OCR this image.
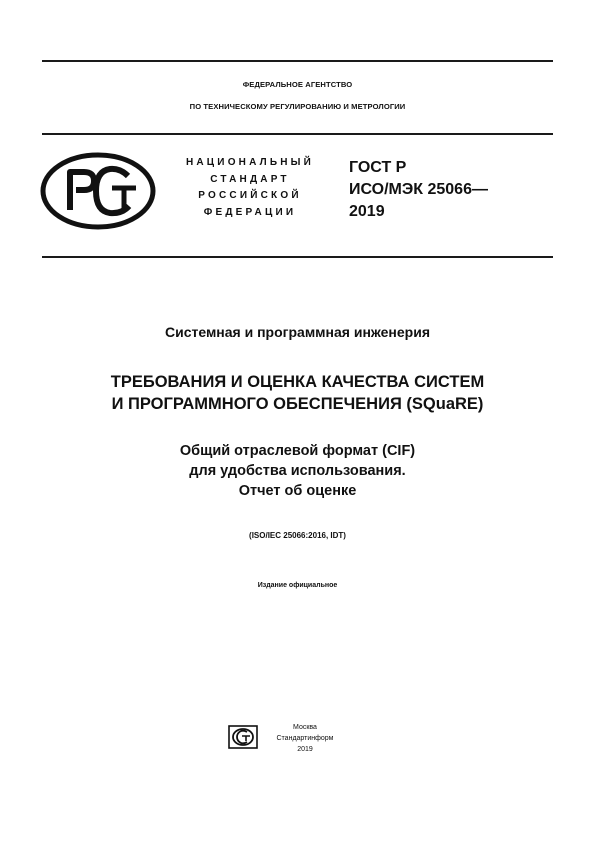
ФЕДЕРАЛЬНОЕ АГЕНТСТВО
ПО ТЕХНИЧЕСКОМУ РЕГУЛИРОВАНИЮ И МЕТРОЛОГИИ
НАЦИОНАЛЬНЫЙ
СТАНДАРТ
РОССИЙСКОЙ
ФЕДЕРАЦИИ
ГОСТ Р
ИСО/МЭК 25066—
2019
Системная и программная инженерия
ТРЕБОВАНИЯ И ОЦЕНКА КАЧЕСТВА СИСТЕМ
И ПРОГРАММНОГО ОБЕСПЕЧЕНИЯ (SQuaRE)
Общий отраслевой формат (CIF)
для удобства использования.
Отчет об оценке
(ISO/IEC 25066:2016, IDT)
Издание официальное
Москва
Стандартинформ
2019
